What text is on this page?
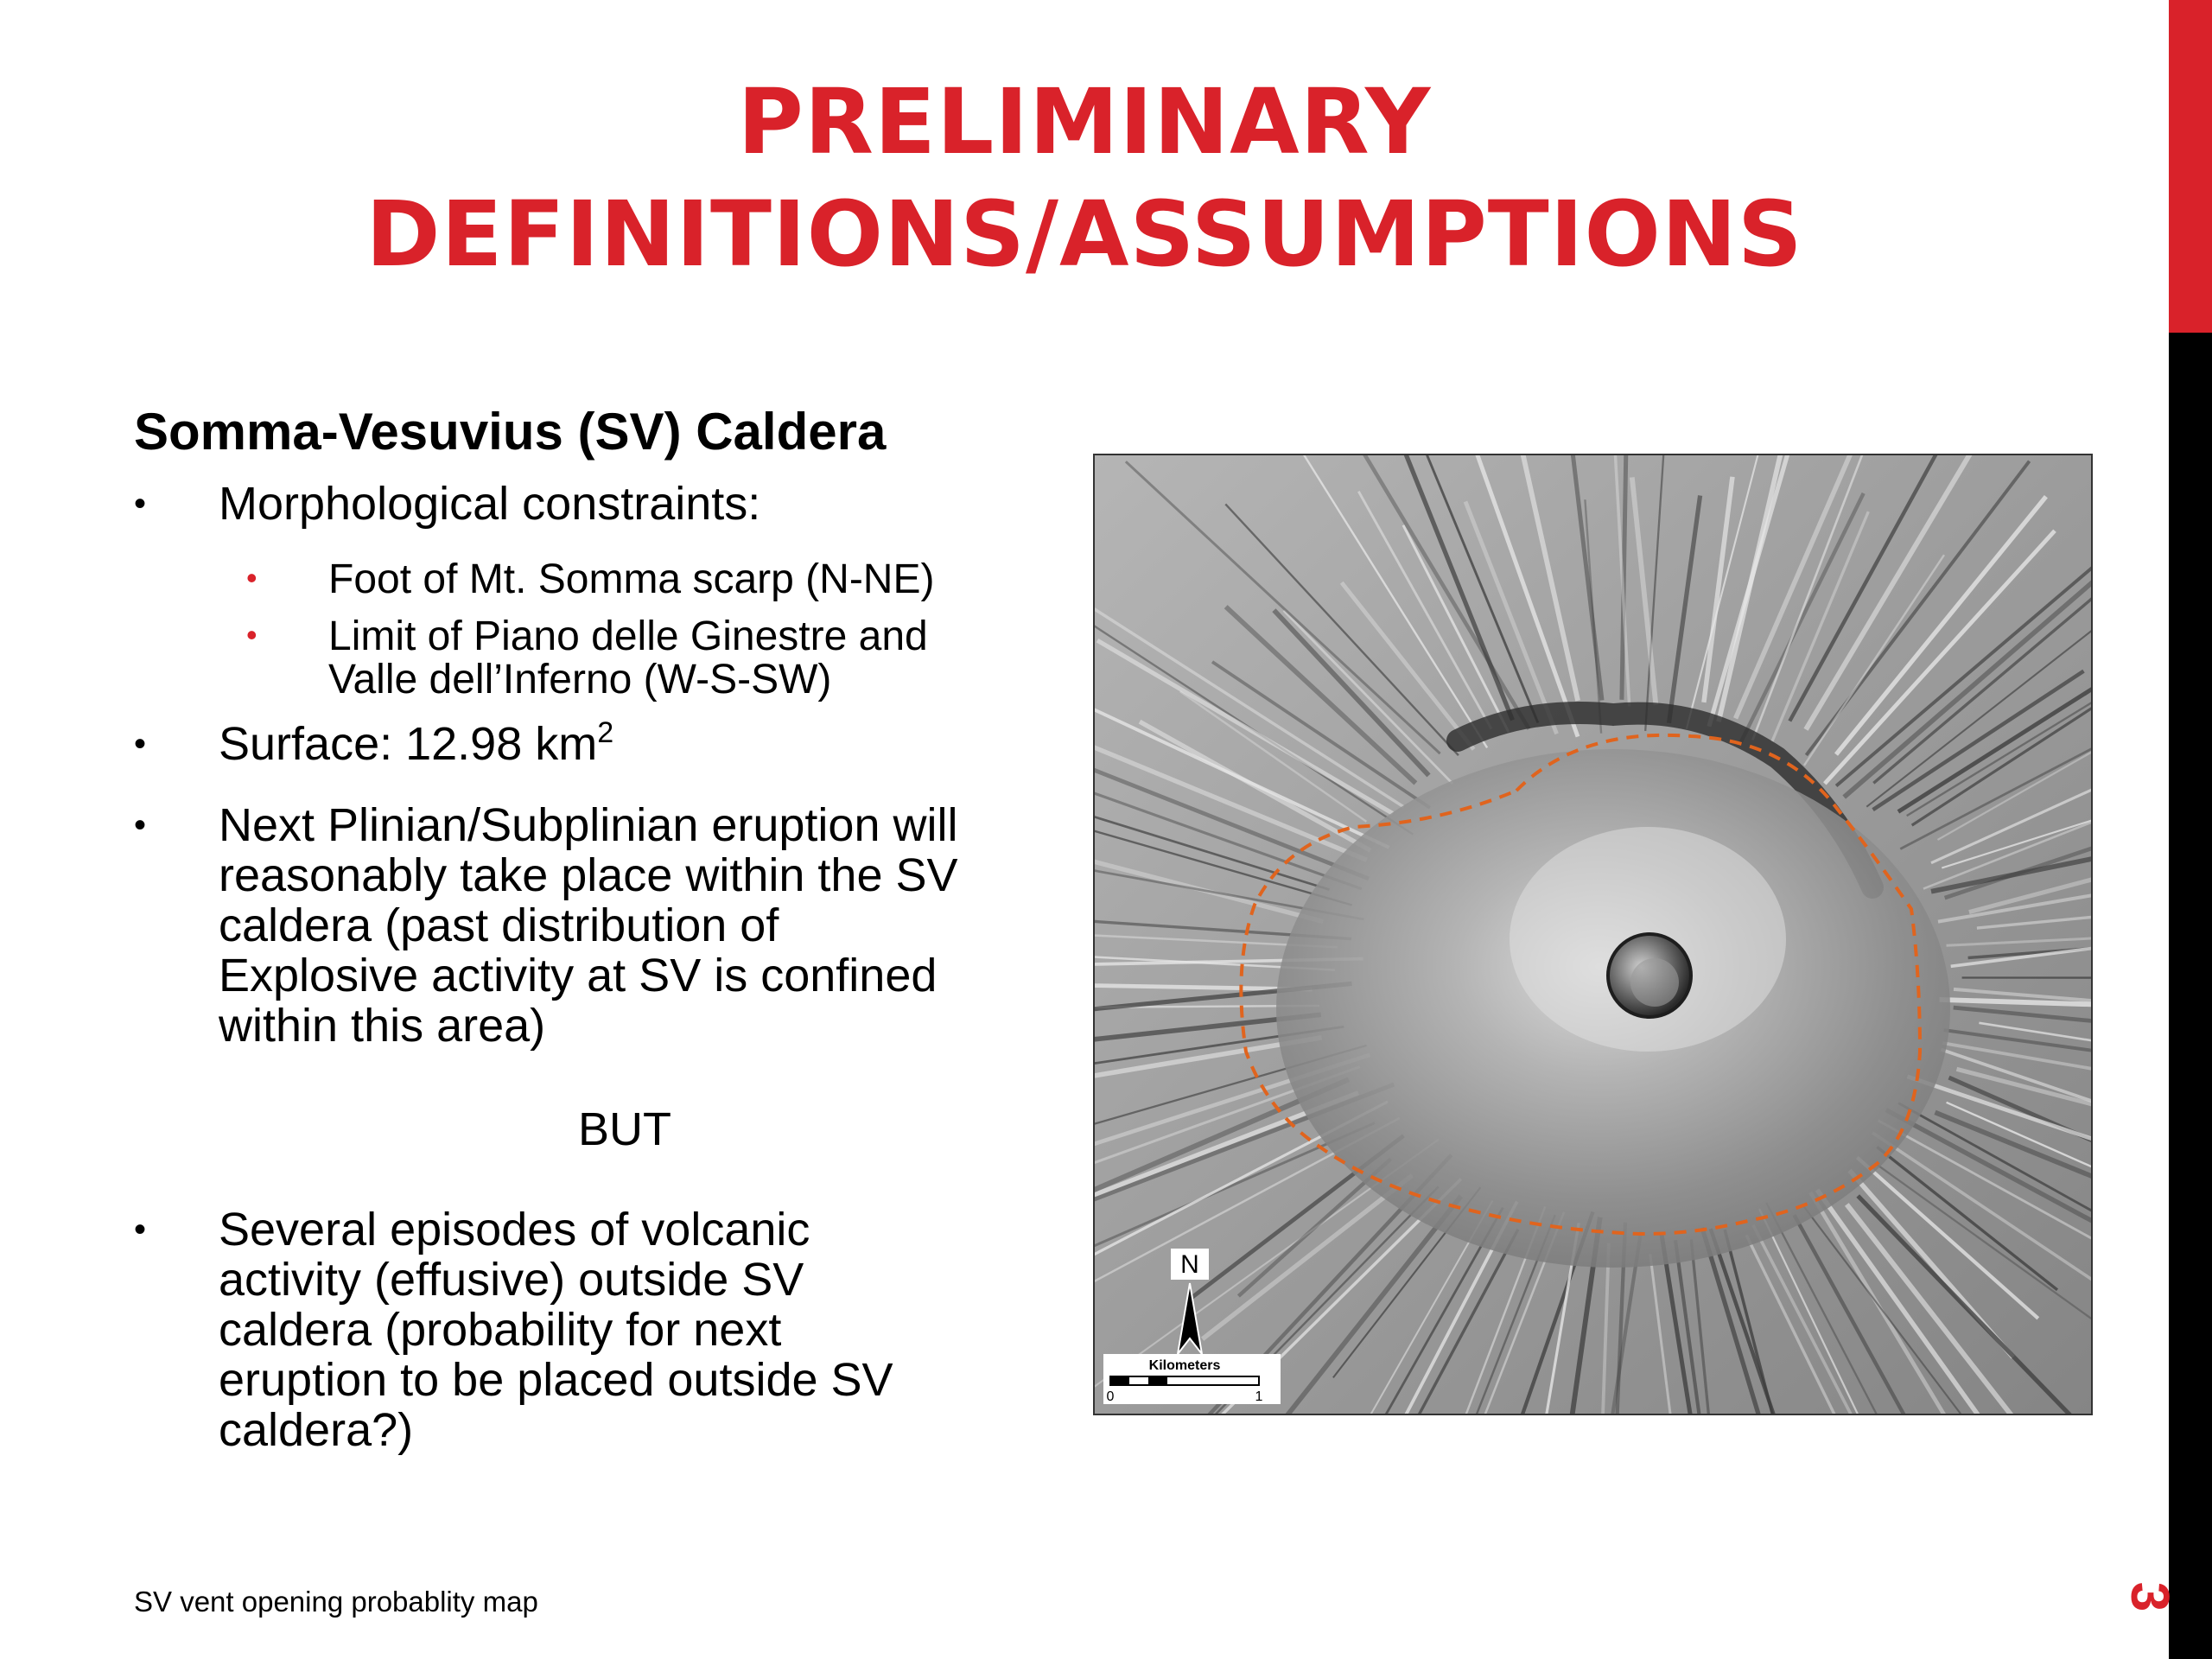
3
PRELIMINARY
DEFINITIONS/ASSUMPTIONS
Somma-Vesuvius (SV) Caldera
•	Morphological constraints:
• Foot of Mt. Somma scarp (N-NE)
• Limit of Piano delle Ginestre and
Valle dell’Inferno (W-S-SW)
•	Surface: 12.98 $km^2$
•	Next Plinian/Subplinian eruption will
reasonably take place within the SV
caldera (past distribution of
Explosive activity at SV is confined
within this area)
BUT
•	Several episodes of volcanic
activity (effusive) outside SV
caldera (probability for next
eruption to be placed outside SV
caldera?)
N
Kilometers
0	1
SV vent opening probablity map
